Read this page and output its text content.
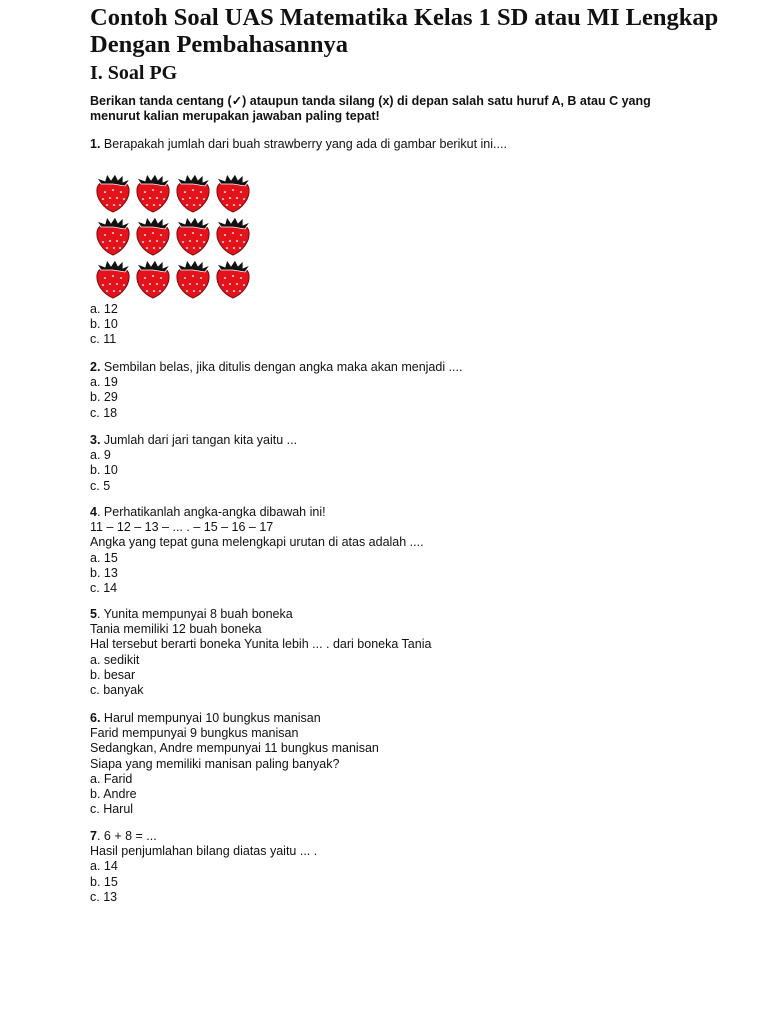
Contoh Soal UAS Matematika Kelas 1 SD atau MI Lengkap Dengan Pembahasannya
I. Soal PG

Berikan tanda centang (✓) ataupun tanda silang (x) di depan salah satu huruf A, B atau C yang menurut kalian merupakan jawaban paling tepat!

1. Berapakah jumlah dari buah strawberry yang ada di gambar berikut ini....
a. 12
b. 10
c. 11
2. Sembilan belas, jika ditulis dengan angka maka akan menjadi ....
a. 19
b. 29
c. 18
3. Jumlah dari jari tangan kita yaitu ...
a. 9
b. 10
c. 5
4. Perhatikanlah angka-angka dibawah ini!
11 – 12 – 13 – ... . – 15 – 16 – 17
Angka yang tepat guna melengkapi urutan di atas adalah ....
a. 15
b. 13
c. 14
5. Yunita mempunyai 8 buah boneka
Tania memiliki 12 buah boneka
Hal tersebut berarti boneka Yunita lebih ... . dari boneka Tania
a. sedikit
b. besar
c. banyak
6. Harul mempunyai 10 bungkus manisan
Farid mempunyai 9 bungkus manisan
Sedangkan, Andre mempunyai 11 bungkus manisan
Siapa yang memiliki manisan paling banyak?
a. Farid
b. Andre
c. Harul
7. 6 + 8 = ...
Hasil penjumlahan bilang diatas yaitu ... .
a. 14
b. 15
c. 13
